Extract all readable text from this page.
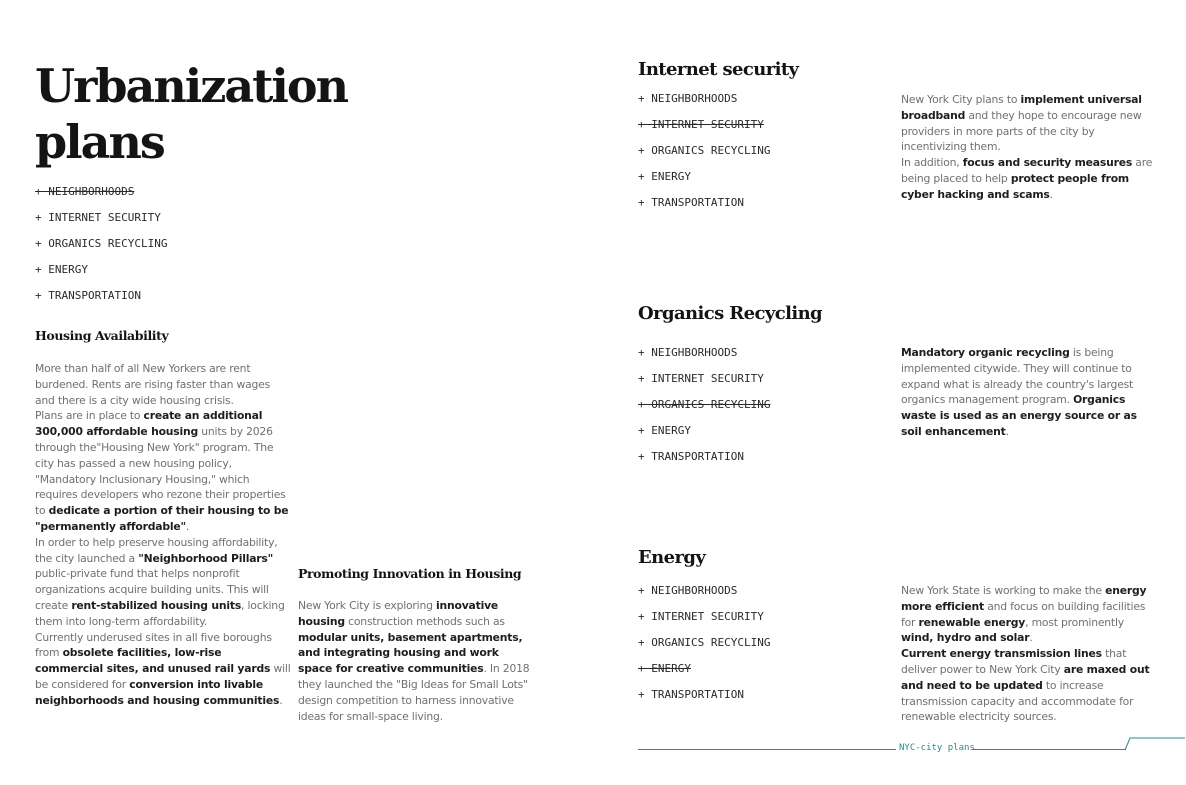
Urbanization plans
+ NEIGHBORHOODS
+ INTERNET SECURITY
+ ORGANICS RECYCLING
+ ENERGY
+ TRANSPORTATION
Housing Availability

More than half of all New Yorkers are rent burdened. Rents are rising faster than wages and there is a city wide housing crisis.

Plans are in place to create an additional 300,000 affordable housing units by 2026 through the"Housing New York" program. The city has passed a new housing policy, "Mandatory Inclusionary Housing," which requires developers who rezone their properties to dedicate a portion of their housing to be "permanently affordable".

In order to help preserve housing affordability, the city launched a "Neighborhood Pillars" public-private fund that helps nonprofit organizations acquire building units. This will create rent-stabilized housing units, locking them into long-term affordability.

Currently underused sites in all five boroughs from obsolete facilities, low-rise commercial sites, and unused rail yards will be considered for conversion into livable neighborhoods and housing communities.

Promoting Innovation in Housing

New York City is exploring innovative housing construction methods such as modular units, basement apartments, and integrating housing and work space for creative communities. In 2018 they launched the "Big Ideas for Small Lots" design competition to harness innovative ideas for small-space living.

Internet security
+ NEIGHBORHOODS
+ INTERNET SECURITY
+ ORGANICS RECYCLING
+ ENERGY
+ TRANSPORTATION

New York City plans to implement universal broadband and they hope to encourage new providers in more parts of the city by incentivizing them.

In addition, focus and security measures are being placed to help protect people from cyber hacking and scams.

Organics Recycling
+ NEIGHBORHOODS
+ INTERNET SECURITY
+ ORGANICS RECYCLING
+ ENERGY
+ TRANSPORTATION

Mandatory organic recycling is being implemented citywide. They will continue to expand what is already the country's largest organics management program. Organics waste is used as an energy source or as soil enhancement.

Energy
+ NEIGHBORHOODS
+ INTERNET SECURITY
+ ORGANICS RECYCLING
+ ENERGY
+ TRANSPORTATION

New York State is working to make the energy more efficient and focus on building facilities for renewable energy, most prominently wind, hydro and solar.

Current energy transmission lines that deliver power to New York City are maxed out and need to be updated to increase transmission capacity and accommodate for renewable electricity sources.

NYC-city plans
